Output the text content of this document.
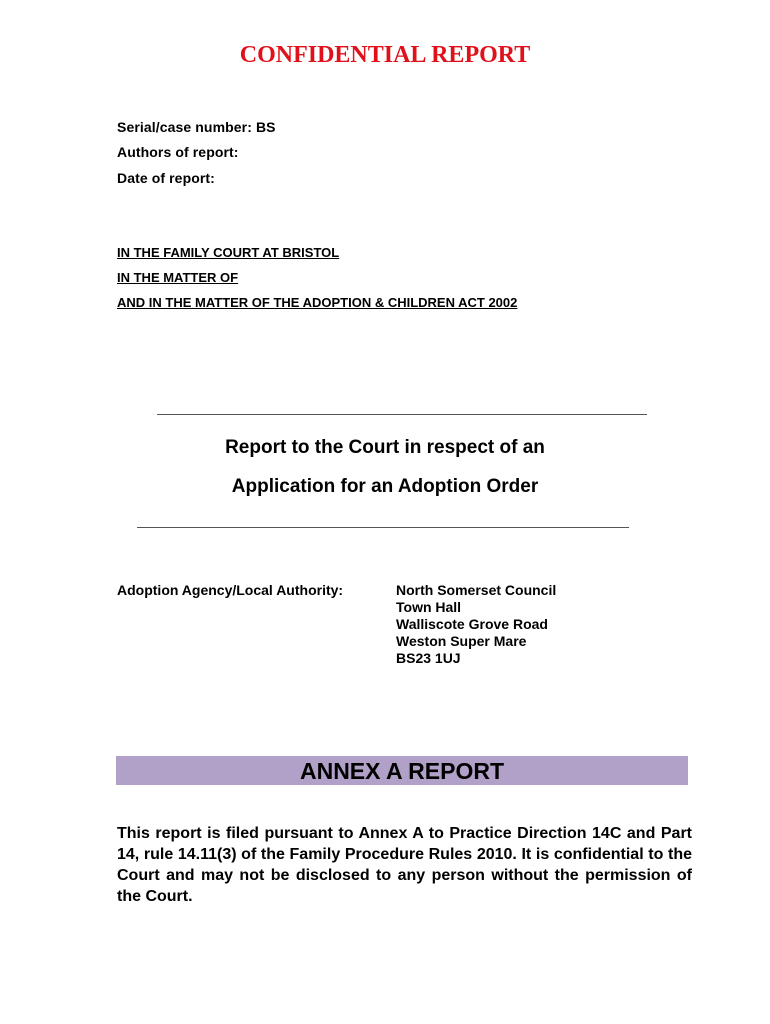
CONFIDENTIAL REPORT
Serial/case number: BS
Authors of report:
Date of report:
IN THE FAMILY COURT AT BRISTOL
IN THE MATTER OF
AND IN THE MATTER OF THE ADOPTION & CHILDREN ACT 2002
Report to the Court in respect of an
Application for an Adoption Order
Adoption Agency/Local Authority:	North Somerset Council
Town Hall
Walliscote Grove Road
Weston Super Mare
BS23 1UJ
ANNEX A REPORT
This report is filed pursuant to Annex A to Practice Direction 14C and Part 14, rule 14.11(3) of the Family Procedure Rules 2010. It is confidential to the Court and may not be disclosed to any person without the permission of the Court.
